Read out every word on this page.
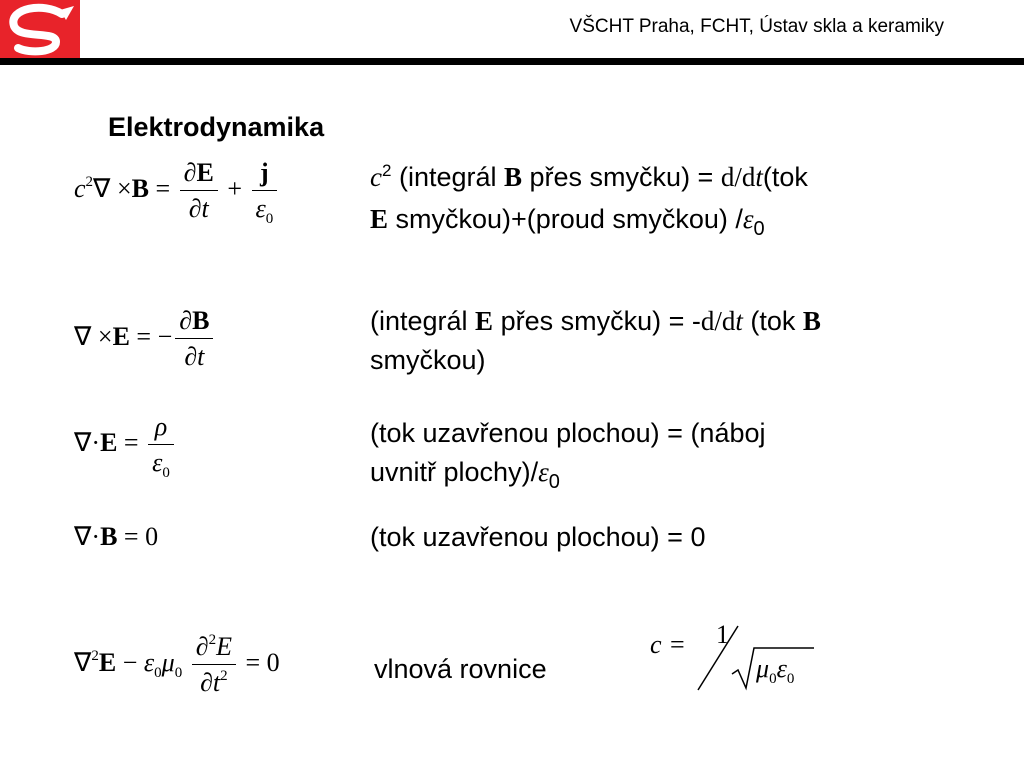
VŠCHT Praha, FCHT, Ústav skla a keramiky
Elektrodynamika
$c^2\nabla \times B = \frac{\partial E}{\partial t} + \frac{j}{\varepsilon_0}$	$c^2$ (integrál B přes smyčku) = d/dt(tok
E smyčkou)+(proud smyčkou) $/\varepsilon_0$
∇ ×E = − $\frac{\partial B}{\partial t}$	(integrál E přes smyčku) = -d/dt (tok B
smyčkou)
$\nabla\cdot E = \frac{\rho}{\varepsilon_0}$	(tok uzavřenou plochou) = (náboj
uvnitř $plochy)/\varepsilon_0$
∇·B = 0	(tok uzavřenou plochou) = 0
$\nabla^2E - \varepsilon_0\mu_0 \frac{\partial^2E}{\partial t^2} = 0$	vlnová rovnice
c = 1
$\mu_0\varepsilon_0$
